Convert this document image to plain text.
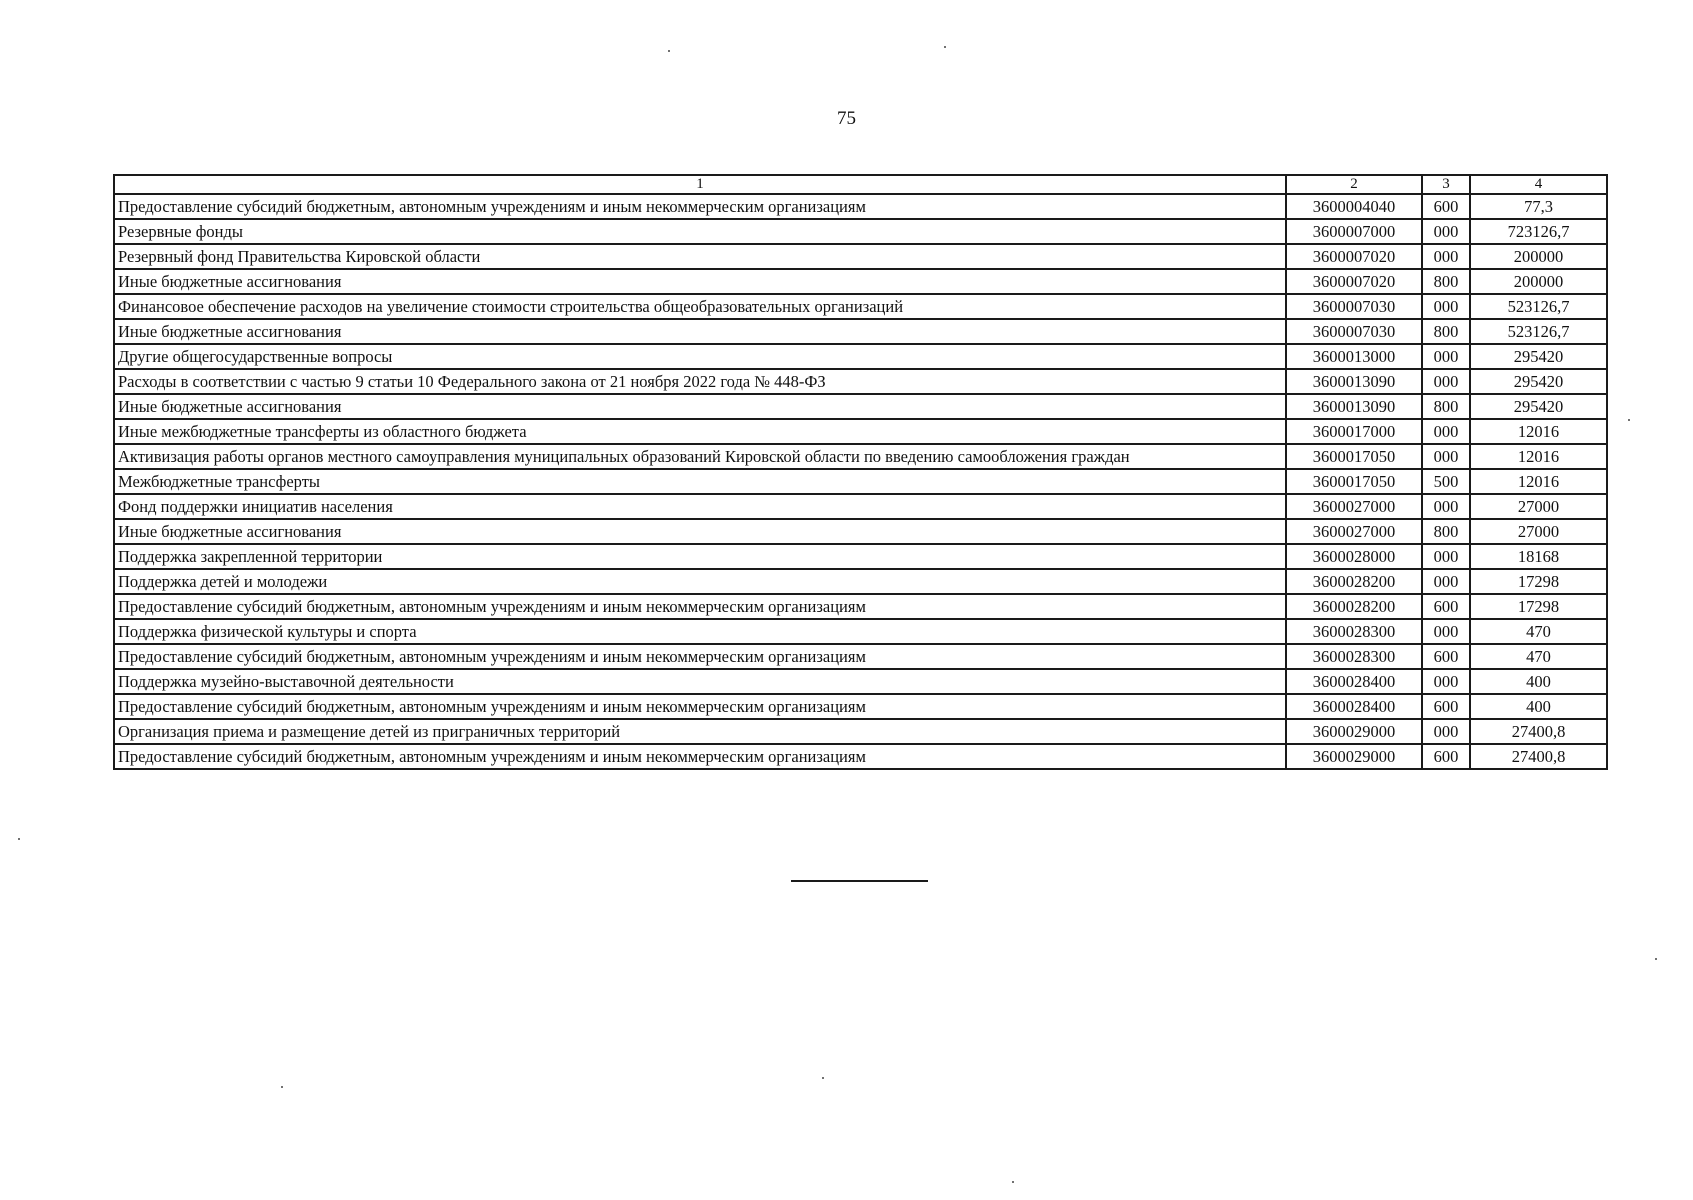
75
1	2	3	4
Предоставление субсидий бюджетным, автономным учреждениям и иным некоммерческим организациям	3600004040	600	77,3
Резервные фонды	3600007000	000	723126,7
Резервный фонд Правительства Кировской области	3600007020	000	200000
Иные бюджетные ассигнования	3600007020	800	200000
Финансовое обеспечение расходов на увеличение стоимости строительства общеобразовательных организаций	3600007030	000	523126,7
Иные бюджетные ассигнования	3600007030	800	523126,7
Другие общегосударственные вопросы	3600013000	000	295420
Расходы в соответствии с частью 9 статьи 10 Федерального закона от 21 ноября 2022 года № 448-ФЗ	3600013090	000	295420
Иные бюджетные ассигнования	3600013090	800	295420
Иные межбюджетные трансферты из областного бюджета	3600017000	000	12016
Активизация работы органов местного самоуправления муниципальных образований Кировской области по введению самообложения граждан	3600017050	000	12016
Межбюджетные трансферты	3600017050	500	12016
Фонд поддержки инициатив населения	3600027000	000	27000
Иные бюджетные ассигнования	3600027000	800	27000
Поддержка закрепленной территории	3600028000	000	18168
Поддержка детей и молодежи	3600028200	000	17298
Предоставление субсидий бюджетным, автономным учреждениям и иным некоммерческим организациям	3600028200	600	17298
Поддержка физической культуры и спорта	3600028300	000	470
Предоставление субсидий бюджетным, автономным учреждениям и иным некоммерческим организациям	3600028300	600	470
Поддержка музейно-выставочной деятельности	3600028400	000	400
Предоставление субсидий бюджетным, автономным учреждениям и иным некоммерческим организациям	3600028400	600	400
Организация приема и размещение детей из приграничных территорий	3600029000	000	27400,8
Предоставление субсидий бюджетным, автономным учреждениям и иным некоммерческим организациям	3600029000	600	27400,8
